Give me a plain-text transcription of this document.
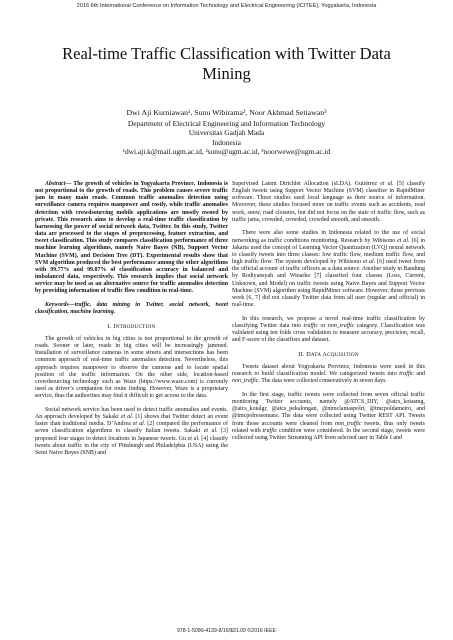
2016 6th International Conference on Information Technology and Electrical Engineering (ICITEE), Yogyakarta, Indonesia
Real-time Traffic Classification with Twitter Data Mining
Dwi Aji Kurniawan¹, Sunu Wibirama², Noor Akhmad Setiawan³
Department of Electrical Engineering and Information Technology
Universitas Gadjah Mada
Indonesia
¹dwi.aji.k@mail.ugm.ac.id, ²sunu@ugm.ac.id, ³noorwewe@ugm.ac.id

Abstract— The growth of vehicles in Yogyakarta Province, Indonesia is not proportional to the growth of roads. This problem causes severe traffic jam in many main roads. Common traffic anomalies detection using surveillance camera requires manpower and costly, while traffic anomalies detection with crowdsourcing mobile applications are mostly owned by private. This research aims to develop a real-time traffic classification by harnessing the power of social network data, Twitter. In this study, Twitter data are processed to the stages of preprocessing, feature extraction, and tweet classification. This study compares classification performance of three machine learning algorithms, namely Naive Bayes (NB), Support Vector Machine (SVM), and Decision Tree (DT). Experimental results show that SVM algorithm produced the best performance among the other algorithms with 99.77% and 99.87% of classification accuracy in balanced and imbalanced data, respectively. This research implies that social network service may be used as an alternative source for traffic anomalies detection by providing information of traffic flow condition in real-time.

Keywords—traffic, data mining in Twitter, social network, tweet classification, machine learning.

I. INTRODUCTION

The growth of vehicles in big cities is not proportional to the growth of roads. Sooner or later, roads in big cities will be increasingly jammed. Installation of surveillance cameras in some streets and intersections has been common approach of real-time traffic anomalies detection. Nevertheless, this approach requires manpower to observe the cameras and to locate spatial position of the traffic information. On the other side, location-based crowdsourcing technology such as Waze (https://www.waze.com) is currently used as driver’s companion for route finding. However, Waze is a proprietary service, thus the authorities may find it difficult to get access to the data.

Social network service has been used to detect traffic anomalies and events. An approach developed by Sakaki et al. [1] shows that Twitter detect an event faster than traditional media. D’Andrea et al. [2] compared the performance of seven classification algorithms to classify Italian tweets. Sakaki et al. [3] proposed four stages to detect locations in Japanese tweets. Gu et al. [4] classify tweets about traffic in the city of Pittsburgh and Philadelphia (USA) using the Semi Naive Bayes (SNB) and

Supervised Latent Dirichlet Allocation (sLDA). Gutiérrez et al. [5] classify English tweets using Support Vector Machine (SVM) classifier in RapidMiner software. These studies used local language as their source of information. Moreover, these studies focused more on traffic events such as accidents, road work, snow, road closures, but did not focus on the state of traffic flow, such as traffic jams, crowded, crowded, crowded smooth, and smooth.

There were also some studies in Indonesia related to the use of social networking as traffic conditions monitoring. Research by Wibisono et al. [6] in Jakarta used the concept of Learning Vector Quantization (LVQ) neural network to classify tweets into three classes: low traffic flow, medium traffic flow, and high traffic flow. The system developed by Wibisono et al. [6] used tweet from the official account of traffic officers as a data source. Another study in Bandung by Rodiyansyah and Winarko [7] classified four classes (Loss, Current, Unknown, and Model) on traffic tweets using Naive Bayes and Support Vector Machine (SVM) algorithm using RapidMiner software. However, those previous work [6, 7] did not classify Twitter data from all user (regular and official) in real-time.

In this research, we propose a novel real-time traffic classification by classifying Twitter data into traffic or non_traffic category. Classification was validated using ten folds cross validation to measure accuracy, precision, recall, and F-score of the classifiers and dataset.

II. DATA ACQUISITION

Tweets dataset about Yogyakarta Province, Indonesia were used in this research to build classification model. We categorized tweets into traffic and non_traffic. The data were collected consecutively in seven days.

In the first stage, traffic tweets were collected from seven official traffic monitoring Twitter accounts, namely @ATCS_DIY, @atcs_kotasmg, @atcs_kotalgr, @atcs_pekalongan, @ntmclantaspolri, @tmcpoldametro, and @tmcpolressemara. The data were collected using Twitter REST API. Tweets from those accounts were cleaned from non_traffic tweets, thus only tweets related with traffic condition were considered. In the second stage, tweets were collected using Twitter Streaming API from selected user in Table I and

978-1-5090-4139-8/16/$31.00 ©2016 IEEE
